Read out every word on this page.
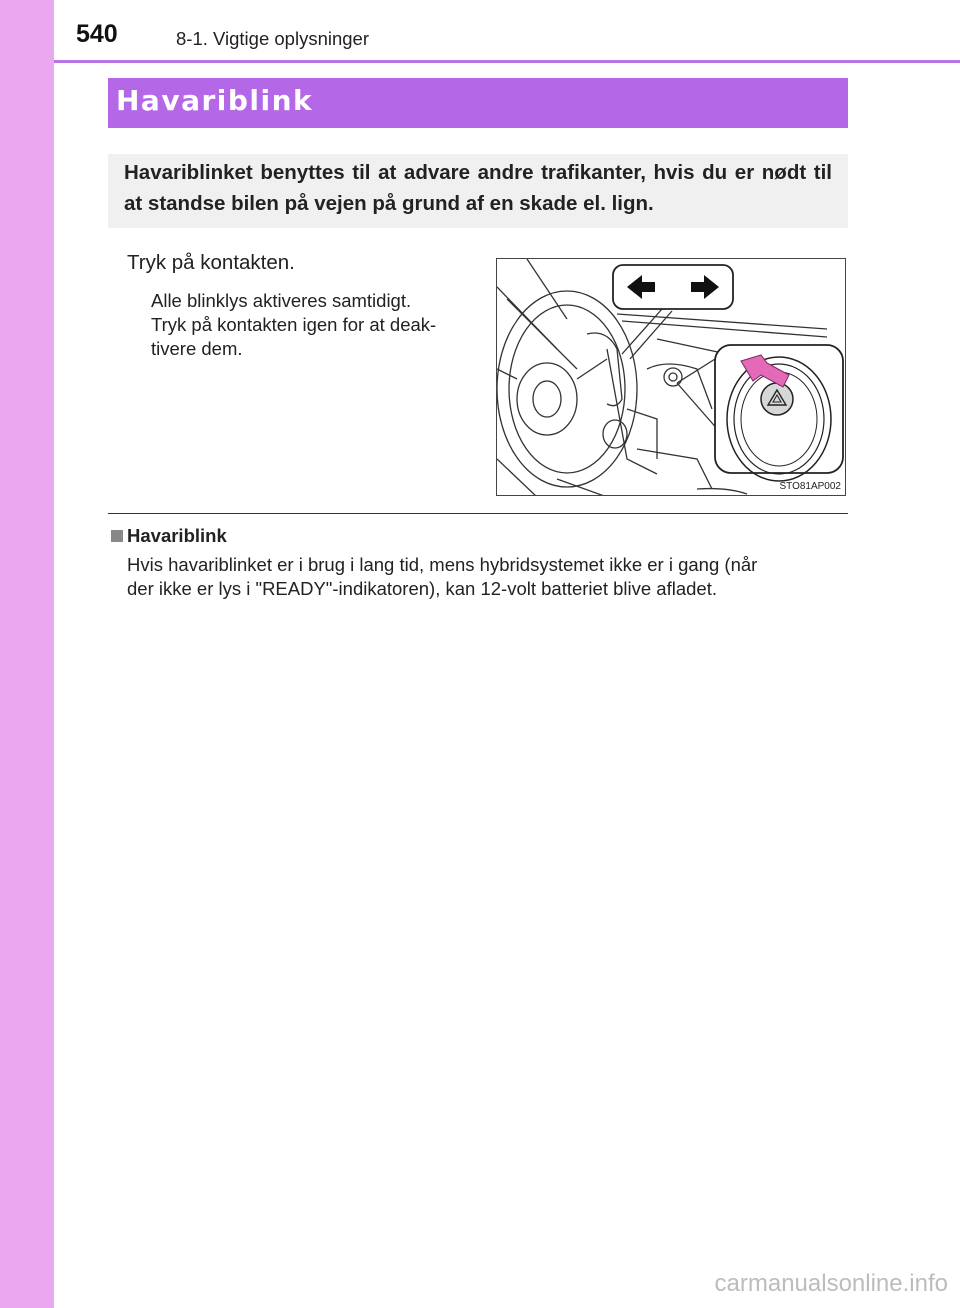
540	8-1. Vigtige oplysninger
Havariblink
Havariblinket benyttes til at advare andre trafikanter, hvis du er nødt til at standse bilen på vejen på grund af en skade el. lign.
Tryk på kontakten.
Alle blinklys aktiveres samtidigt.
Tryk på kontakten igen for at deak-
tivere dem.
STO81AP002
Havariblink
Hvis havariblinket er i brug i lang tid, mens hybridsystemet ikke er i gang (når
der ikke er lys i "READY"-indikatoren), kan 12-volt batteriet blive afladet.
carmanualsonline.info
